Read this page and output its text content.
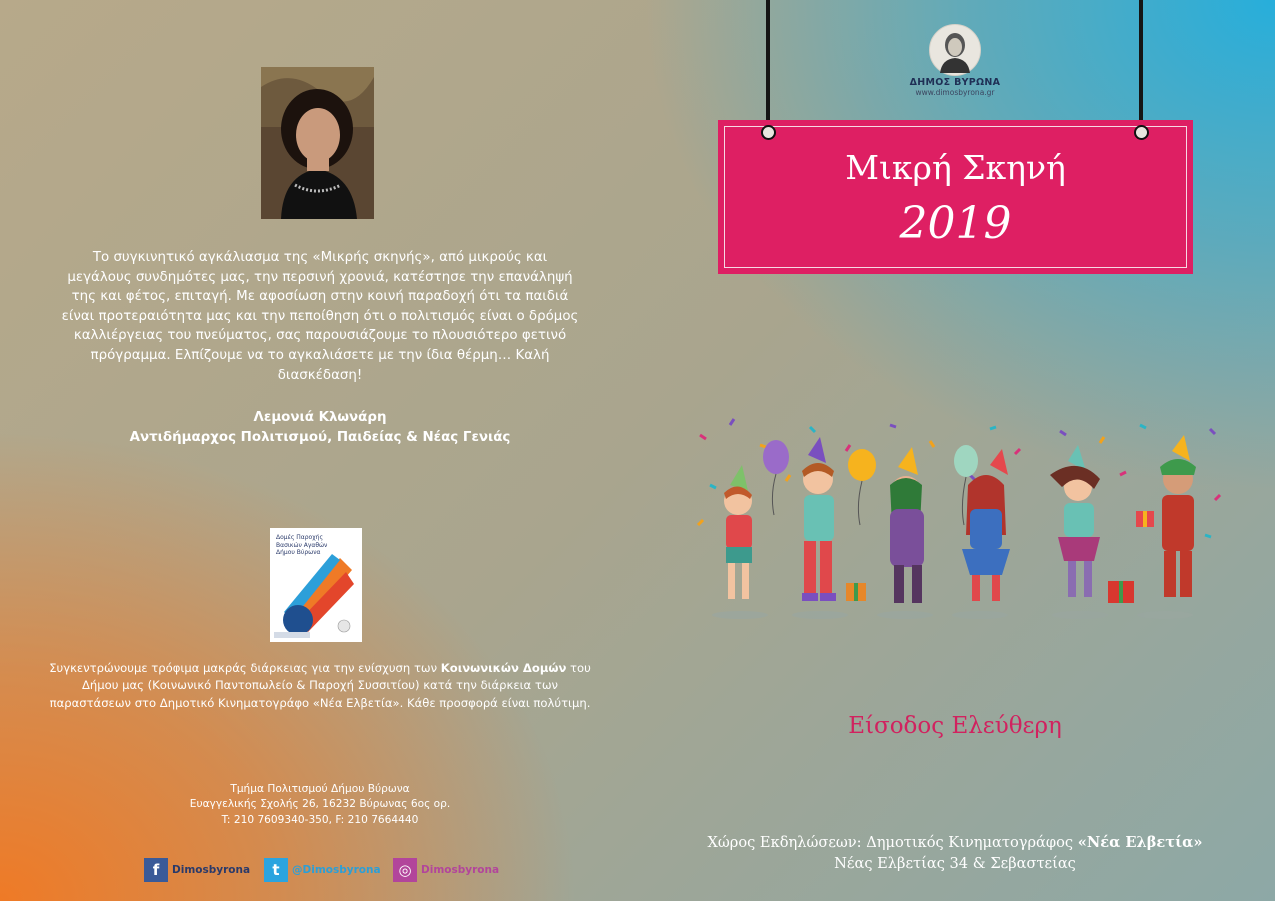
Το συγκινητικό αγκάλιασμα της «Μικρής σκηνής», από μικρούς και μεγάλους συνδημότες μας, την περσινή χρονιά, κατέστησε την επανάληψή της και φέτος, επιταγή. Με αφοσίωση στην κοινή παραδοχή ότι τα παιδιά είναι προτεραιότητα μας και την πεποίθηση ότι ο πολιτισμός είναι ο δρόμος καλλιέργειας του πνεύματος, σας παρουσιάζουμε το πλουσιότερο φετινό πρόγραμμα. Ελπίζουμε να το αγκαλιάσετε με την ίδια θέρμη… Καλή διασκέδαση!
Λεμονιά Κλωνάρη
Αντιδήμαρχος Πολιτισμού, Παιδείας & Νέας Γενιάς
Δομές Παροχής
Βασικών Αγαθών
Δήμου Βύρωνα
Συγκεντρώνουμε τρόφιμα μακράς διάρκειας για την ενίσχυση των Κοινωνικών Δομών του Δήμου μας (Κοινωνικό Παντοπωλείο & Παροχή Συσσιτίου) κατά την διάρκεια των παραστάσεων στο Δημοτικό Κινηματογράφο «Νέα Ελβετία». Κάθε προσφορά είναι πολύτιμη.
Τμήμα Πολιτισμού Δήμου Βύρωνα
Ευαγγελικής Σχολής 26, 16232 Βύρωνας 6ος ορ.
T: 210 7609340-350, F: 210 7664440
f	Dimosbyrona	t	@Dimosbyrona	◎ Dimosbyrona
ΔΗΜΟΣ ΒΥΡΩΝΑ
www.dimosbyrona.gr
Μικρή Σκηνή
2019
Είσοδος Ελεύθερη
Χώρος Εκδηλώσεων: Δημοτικός Κινηματογράφος «Νέα Ελβετία»
Νέας Ελβετίας 34 & Σεβαστείας
